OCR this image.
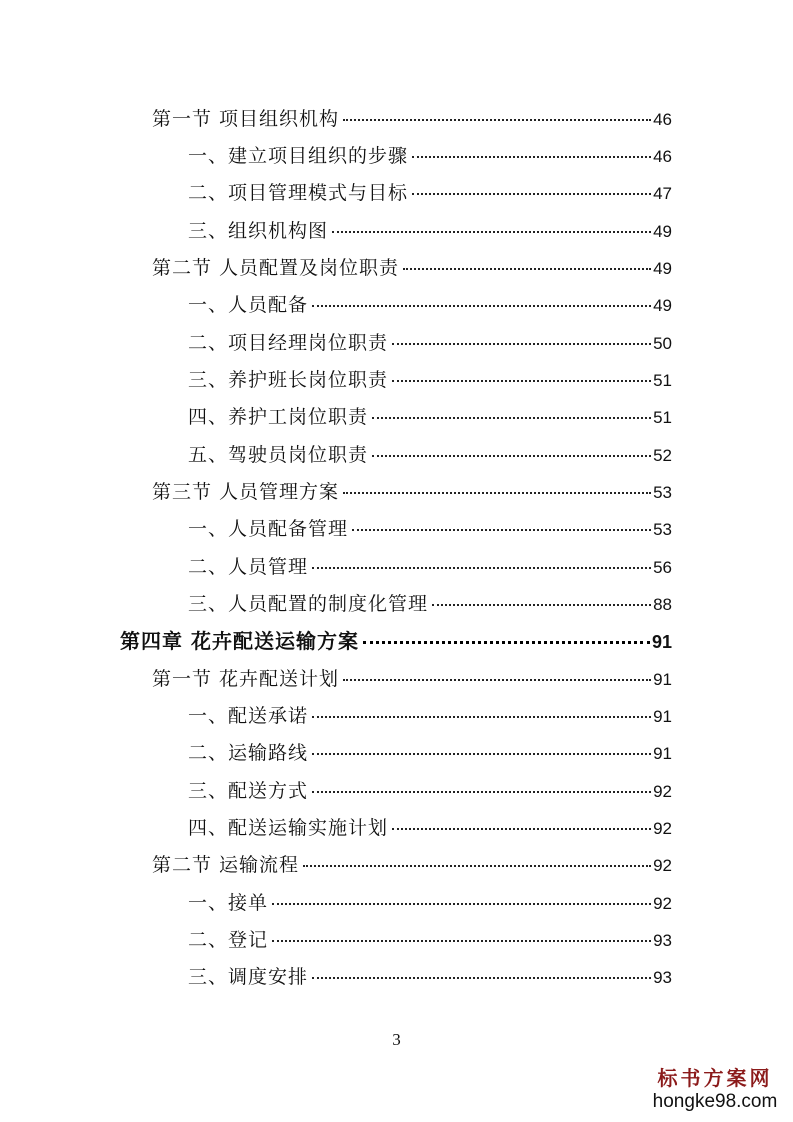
第一节 项目组织机构	46
一、建立项目组织的步骤	46
二、项目管理模式与目标	47
三、组织机构图	49
第二节 人员配置及岗位职责	49
一、人员配备	49
二、项目经理岗位职责	50
三、养护班长岗位职责	51
四、养护工岗位职责	51
五、驾驶员岗位职责	52
第三节 人员管理方案	53
一、人员配备管理	53
二、人员管理	56
三、人员配置的制度化管理	88
第四章 花卉配送运输方案	91
第一节 花卉配送计划	91
一、配送承诺	91
二、运输路线	91
三、配送方式	92
四、配送运输实施计划	92
第二节 运输流程	92
一、接单	92
二、登记	93
三、调度安排	93
3
标书方案网
hongke98.com
